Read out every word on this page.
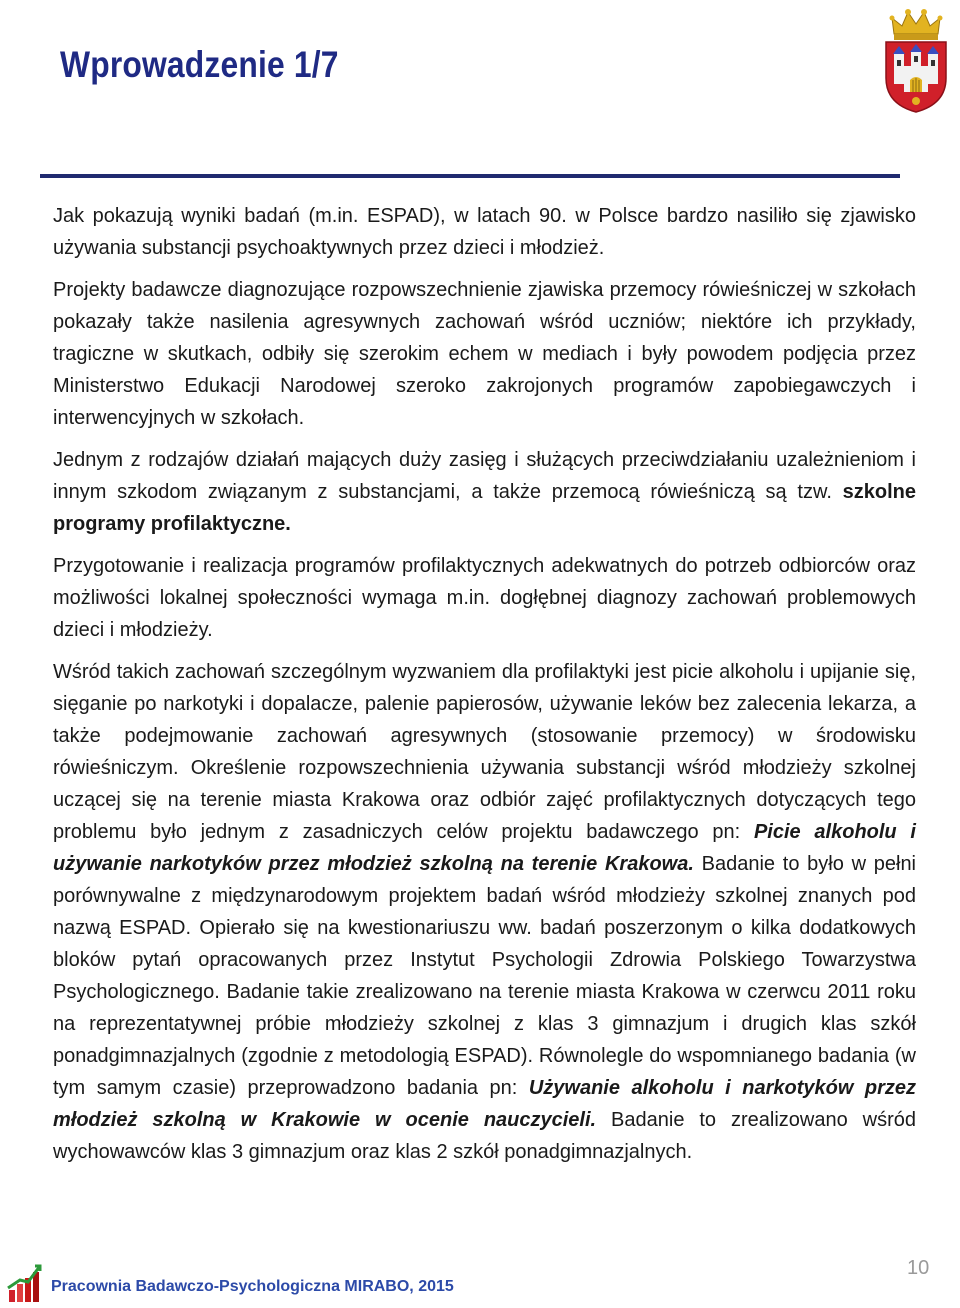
Wprowadzenie 1/7

Jak pokazują wyniki badań (m.in. ESPAD), w latach 90. w Polsce bardzo nasiliło się zjawisko używania substancji psychoaktywnych przez dzieci i młodzież.

Projekty badawcze diagnozujące rozpowszechnienie zjawiska przemocy rówieśniczej w szkołach pokazały także nasilenia agresywnych zachowań wśród uczniów; niektóre ich przykłady, tragiczne w skutkach, odbiły się szerokim echem w mediach i były powodem podjęcia przez Ministerstwo Edukacji Narodowej szeroko zakrojonych programów zapobiegawczych i interwencyjnych w szkołach.

Jednym z rodzajów działań mających duży zasięg i służących przeciwdziałaniu uzależnieniom i innym szkodom związanym z substancjami, a także przemocą rówieśniczą są tzw. szkolne programy profilaktyczne.

Przygotowanie i realizacja programów profilaktycznych adekwatnych do potrzeb odbiorców oraz możliwości lokalnej społeczności wymaga m.in. dogłębnej diagnozy zachowań problemowych dzieci i młodzieży.

Wśród takich zachowań szczególnym wyzwaniem dla profilaktyki jest picie alkoholu i upijanie się, sięganie po narkotyki i dopalacze, palenie papierosów, używanie leków bez zalecenia lekarza, a także podejmowanie zachowań agresywnych (stosowanie przemocy) w środowisku rówieśniczym. Określenie rozpowszechnienia używania substancji wśród młodzieży szkolnej uczącej się na terenie miasta Krakowa oraz odbiór zajęć profilaktycznych dotyczących tego problemu było jednym z zasadniczych celów projektu badawczego pn: Picie alkoholu i używanie narkotyków przez młodzież szkolną na terenie Krakowa. Badanie to było w pełni porównywalne z międzynarodowym projektem badań wśród młodzieży szkolnej znanych pod nazwą ESPAD. Opierało się na kwestionariuszu ww. badań poszerzonym o kilka dodatkowych bloków pytań opracowanych przez Instytut Psychologii Zdrowia Polskiego Towarzystwa Psychologicznego. Badanie takie zrealizowano na terenie miasta Krakowa w czerwcu 2011 roku na reprezentatywnej próbie młodzieży szkolnej z klas 3 gimnazjum i drugich klas szkół ponadgimnazjalnych (zgodnie z metodologią ESPAD). Równolegle do wspomnianego badania (w tym samym czasie) przeprowadzono badania pn: Używanie alkoholu i narkotyków przez młodzież szkolną w Krakowie w ocenie nauczycieli. Badanie to zrealizowano wśród wychowawców klas 3 gimnazjum oraz klas 2 szkół ponadgimnazjalnych.

Pracownia Badawczo-Psychologiczna MIRABO, 2015
10
